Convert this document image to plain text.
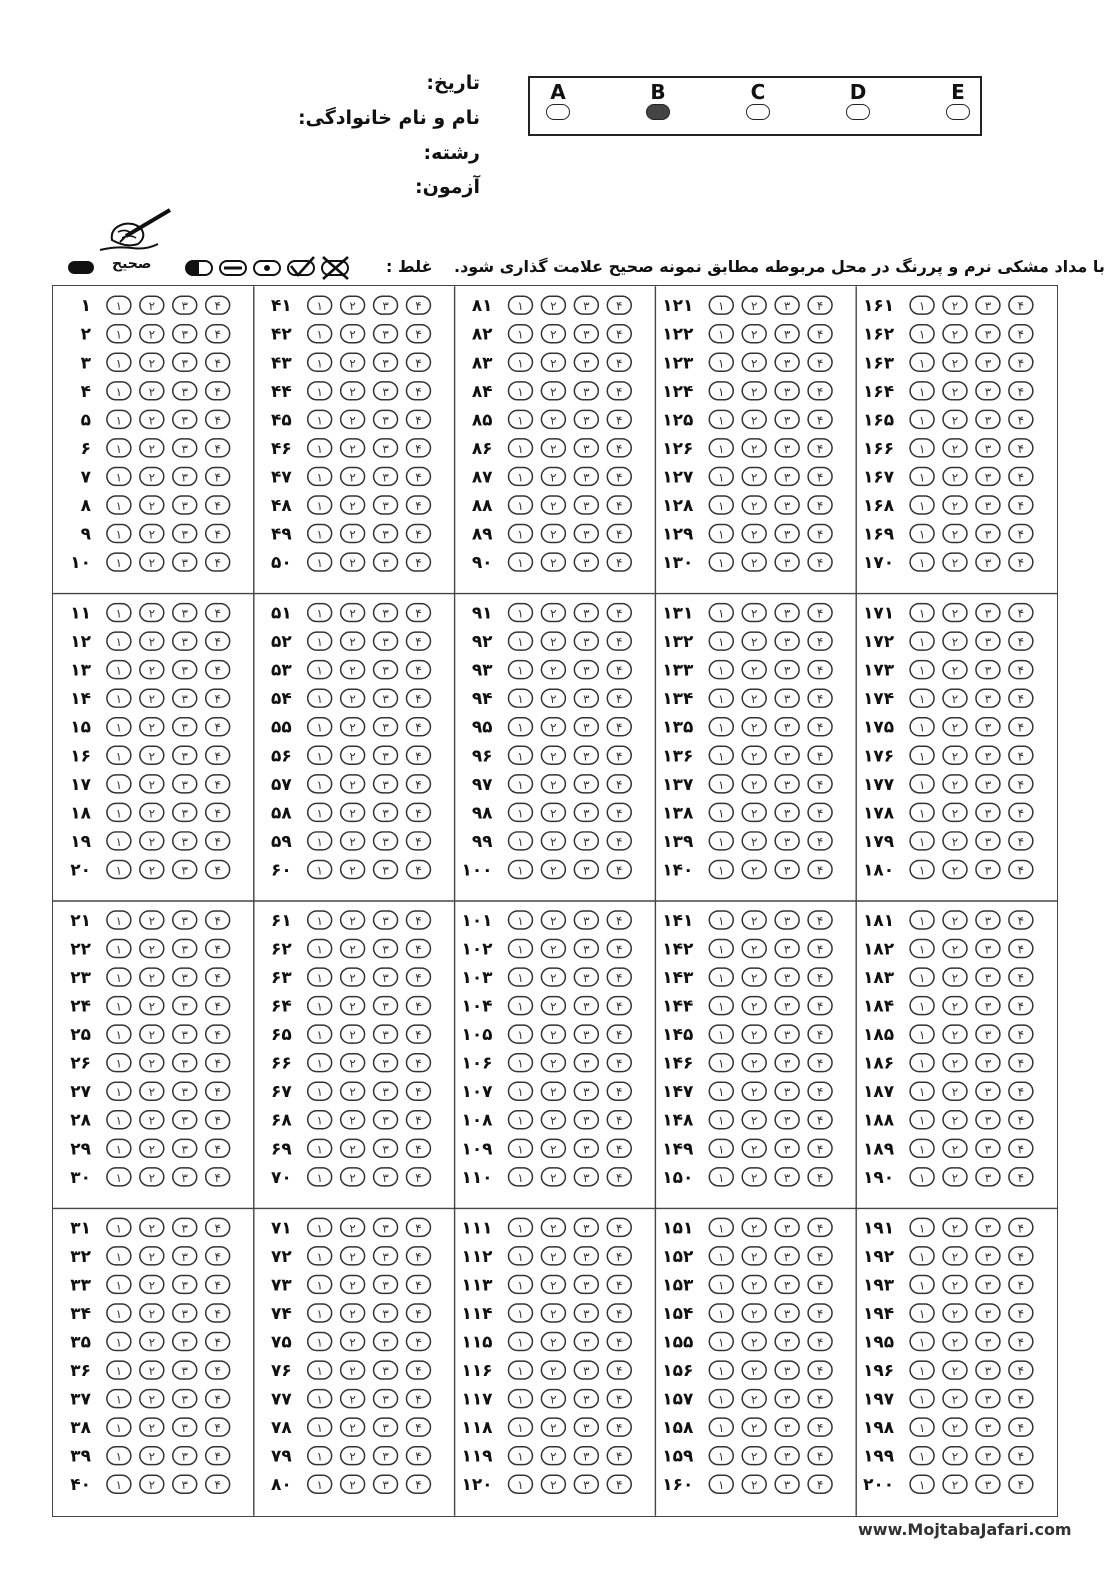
تاریخ:
نام و نام خانوادگی:
رشته:
آزمون:
A	B	C	D	E
صحیح	غلط : با مداد مشکی نرم و پررنگ در محل مربوطه مطابق نمونه صحیح علامت گذاری شود.
۱ ۱ ۲ ۳ ۴
۲ ۱ ۲ ۳ ۴
۳ ۱ ۲ ۳ ۴
۴ ۱ ۲ ۳ ۴
۵ ۱ ۲ ۳ ۴
۶ ۱ ۲ ۳ ۴
۷ ۱ ۲ ۳ ۴
۸ ۱ ۲ ۳ ۴
۹ ۱ ۲ ۳ ۴
۱۰ ۱ ۲ ۳ ۴
۴۱ ۱ ۲ ۳ ۴
۴۲ ۱ ۲ ۳ ۴
۴۳ ۱ ۲ ۳ ۴
۴۴ ۱ ۲ ۳ ۴
۴۵ ۱ ۲ ۳ ۴
۴۶ ۱ ۲ ۳ ۴
۴۷ ۱ ۲ ۳ ۴
۴۸ ۱ ۲ ۳ ۴
۴۹ ۱ ۲ ۳ ۴
۵۰ ۱ ۲ ۳ ۴
۸۱ ۱ ۲ ۳ ۴
۸۲ ۱ ۲ ۳ ۴
۸۳ ۱ ۲ ۳ ۴
۸۴ ۱ ۲ ۳ ۴
۸۵ ۱ ۲ ۳ ۴
۸۶ ۱ ۲ ۳ ۴
۸۷ ۱ ۲ ۳ ۴
۸۸ ۱ ۲ ۳ ۴
۸۹ ۱ ۲ ۳ ۴
۹۰ ۱ ۲ ۳ ۴
۱۲۱ ۱ ۲ ۳ ۴
۱۲۲ ۱ ۲ ۳ ۴
۱۲۳ ۱ ۲ ۳ ۴
۱۲۴ ۱ ۲ ۳ ۴
۱۲۵ ۱ ۲ ۳ ۴
۱۲۶ ۱ ۲ ۳ ۴
۱۲۷ ۱ ۲ ۳ ۴
۱۲۸ ۱ ۲ ۳ ۴
۱۲۹ ۱ ۲ ۳ ۴
۱۳۰ ۱ ۲ ۳ ۴
۱۶۱ ۱ ۲ ۳ ۴
۱۶۲ ۱ ۲ ۳ ۴
۱۶۳ ۱ ۲ ۳ ۴
۱۶۴ ۱ ۲ ۳ ۴
۱۶۵ ۱ ۲ ۳ ۴
۱۶۶ ۱ ۲ ۳ ۴
۱۶۷ ۱ ۲ ۳ ۴
۱۶۸ ۱ ۲ ۳ ۴
۱۶۹ ۱ ۲ ۳ ۴
۱۷۰ ۱ ۲ ۳ ۴
۱۱ ۱ ۲ ۳ ۴
۱۲ ۱ ۲ ۳ ۴
۱۳ ۱ ۲ ۳ ۴
۱۴ ۱ ۲ ۳ ۴
۱۵ ۱ ۲ ۳ ۴
۱۶ ۱ ۲ ۳ ۴
۱۷ ۱ ۲ ۳ ۴
۱۸ ۱ ۲ ۳ ۴
۱۹ ۱ ۲ ۳ ۴
۲۰ ۱ ۲ ۳ ۴
۵۱ ۱ ۲ ۳ ۴
۵۲ ۱ ۲ ۳ ۴
۵۳ ۱ ۲ ۳ ۴
۵۴ ۱ ۲ ۳ ۴
۵۵ ۱ ۲ ۳ ۴
۵۶ ۱ ۲ ۳ ۴
۵۷ ۱ ۲ ۳ ۴
۵۸ ۱ ۲ ۳ ۴
۵۹ ۱ ۲ ۳ ۴
۶۰ ۱ ۲ ۳ ۴
۹۱ ۱ ۲ ۳ ۴
۹۲ ۱ ۲ ۳ ۴
۹۳ ۱ ۲ ۳ ۴
۹۴ ۱ ۲ ۳ ۴
۹۵ ۱ ۲ ۳ ۴
۹۶ ۱ ۲ ۳ ۴
۹۷ ۱ ۲ ۳ ۴
۹۸ ۱ ۲ ۳ ۴
۹۹ ۱ ۲ ۳ ۴
۱۰۰ ۱ ۲ ۳ ۴
۱۳۱ ۱ ۲ ۳ ۴
۱۳۲ ۱ ۲ ۳ ۴
۱۳۳ ۱ ۲ ۳ ۴
۱۳۴ ۱ ۲ ۳ ۴
۱۳۵ ۱ ۲ ۳ ۴
۱۳۶ ۱ ۲ ۳ ۴
۱۳۷ ۱ ۲ ۳ ۴
۱۳۸ ۱ ۲ ۳ ۴
۱۳۹ ۱ ۲ ۳ ۴
۱۴۰ ۱ ۲ ۳ ۴
۱۷۱ ۱ ۲ ۳ ۴
۱۷۲ ۱ ۲ ۳ ۴
۱۷۳ ۱ ۲ ۳ ۴
۱۷۴ ۱ ۲ ۳ ۴
۱۷۵ ۱ ۲ ۳ ۴
۱۷۶ ۱ ۲ ۳ ۴
۱۷۷ ۱ ۲ ۳ ۴
۱۷۸ ۱ ۲ ۳ ۴
۱۷۹ ۱ ۲ ۳ ۴
۱۸۰ ۱ ۲ ۳ ۴
۲۱ ۱ ۲ ۳ ۴
۲۲ ۱ ۲ ۳ ۴
۲۳ ۱ ۲ ۳ ۴
۲۴ ۱ ۲ ۳ ۴
۲۵ ۱ ۲ ۳ ۴
۲۶ ۱ ۲ ۳ ۴
۲۷ ۱ ۲ ۳ ۴
۲۸ ۱ ۲ ۳ ۴
۲۹ ۱ ۲ ۳ ۴
۳۰ ۱ ۲ ۳ ۴
۶۱ ۱ ۲ ۳ ۴
۶۲ ۱ ۲ ۳ ۴
۶۳ ۱ ۲ ۳ ۴
۶۴ ۱ ۲ ۳ ۴
۶۵ ۱ ۲ ۳ ۴
۶۶ ۱ ۲ ۳ ۴
۶۷ ۱ ۲ ۳ ۴
۶۸ ۱ ۲ ۳ ۴
۶۹ ۱ ۲ ۳ ۴
۷۰ ۱ ۲ ۳ ۴
۱۰۱ ۱ ۲ ۳ ۴
۱۰۲ ۱ ۲ ۳ ۴
۱۰۳ ۱ ۲ ۳ ۴
۱۰۴ ۱ ۲ ۳ ۴
۱۰۵ ۱ ۲ ۳ ۴
۱۰۶ ۱ ۲ ۳ ۴
۱۰۷ ۱ ۲ ۳ ۴
۱۰۸ ۱ ۲ ۳ ۴
۱۰۹ ۱ ۲ ۳ ۴
۱۱۰ ۱ ۲ ۳ ۴
۱۴۱ ۱ ۲ ۳ ۴
۱۴۲ ۱ ۲ ۳ ۴
۱۴۳ ۱ ۲ ۳ ۴
۱۴۴ ۱ ۲ ۳ ۴
۱۴۵ ۱ ۲ ۳ ۴
۱۴۶ ۱ ۲ ۳ ۴
۱۴۷ ۱ ۲ ۳ ۴
۱۴۸ ۱ ۲ ۳ ۴
۱۴۹ ۱ ۲ ۳ ۴
۱۵۰ ۱ ۲ ۳ ۴
۱۸۱ ۱ ۲ ۳ ۴
۱۸۲ ۱ ۲ ۳ ۴
۱۸۳ ۱ ۲ ۳ ۴
۱۸۴ ۱ ۲ ۳ ۴
۱۸۵ ۱ ۲ ۳ ۴
۱۸۶ ۱ ۲ ۳ ۴
۱۸۷ ۱ ۲ ۳ ۴
۱۸۸ ۱ ۲ ۳ ۴
۱۸۹ ۱ ۲ ۳ ۴
۱۹۰ ۱ ۲ ۳ ۴
۳۱ ۱ ۲ ۳ ۴
۳۲ ۱ ۲ ۳ ۴
۳۳ ۱ ۲ ۳ ۴
۳۴ ۱ ۲ ۳ ۴
۳۵ ۱ ۲ ۳ ۴
۳۶ ۱ ۲ ۳ ۴
۳۷ ۱ ۲ ۳ ۴
۳۸ ۱ ۲ ۳ ۴
۳۹ ۱ ۲ ۳ ۴
۴۰ ۱ ۲ ۳ ۴
۷۱ ۱ ۲ ۳ ۴
۷۲ ۱ ۲ ۳ ۴
۷۳ ۱ ۲ ۳ ۴
۷۴ ۱ ۲ ۳ ۴
۷۵ ۱ ۲ ۳ ۴
۷۶ ۱ ۲ ۳ ۴
۷۷ ۱ ۲ ۳ ۴
۷۸ ۱ ۲ ۳ ۴
۷۹ ۱ ۲ ۳ ۴
۸۰ ۱ ۲ ۳ ۴
۱۱۱ ۱ ۲ ۳ ۴
۱۱۲ ۱ ۲ ۳ ۴
۱۱۳ ۱ ۲ ۳ ۴
۱۱۴ ۱ ۲ ۳ ۴
۱۱۵ ۱ ۲ ۳ ۴
۱۱۶ ۱ ۲ ۳ ۴
۱۱۷ ۱ ۲ ۳ ۴
۱۱۸ ۱ ۲ ۳ ۴
۱۱۹ ۱ ۲ ۳ ۴
۱۲۰ ۱ ۲ ۳ ۴
۱۵۱ ۱ ۲ ۳ ۴
۱۵۲ ۱ ۲ ۳ ۴
۱۵۳ ۱ ۲ ۳ ۴
۱۵۴ ۱ ۲ ۳ ۴
۱۵۵ ۱ ۲ ۳ ۴
۱۵۶ ۱ ۲ ۳ ۴
۱۵۷ ۱ ۲ ۳ ۴
۱۵۸ ۱ ۲ ۳ ۴
۱۵۹ ۱ ۲ ۳ ۴
۱۶۰ ۱ ۲ ۳ ۴
۱۹۱ ۱ ۲ ۳ ۴
۱۹۲ ۱ ۲ ۳ ۴
۱۹۳ ۱ ۲ ۳ ۴
۱۹۴ ۱ ۲ ۳ ۴
۱۹۵ ۱ ۲ ۳ ۴
۱۹۶ ۱ ۲ ۳ ۴
۱۹۷ ۱ ۲ ۳ ۴
۱۹۸ ۱ ۲ ۳ ۴
۱۹۹ ۱ ۲ ۳ ۴
۲۰۰ ۱ ۲ ۳ ۴
www.MojtabaJafari.com
